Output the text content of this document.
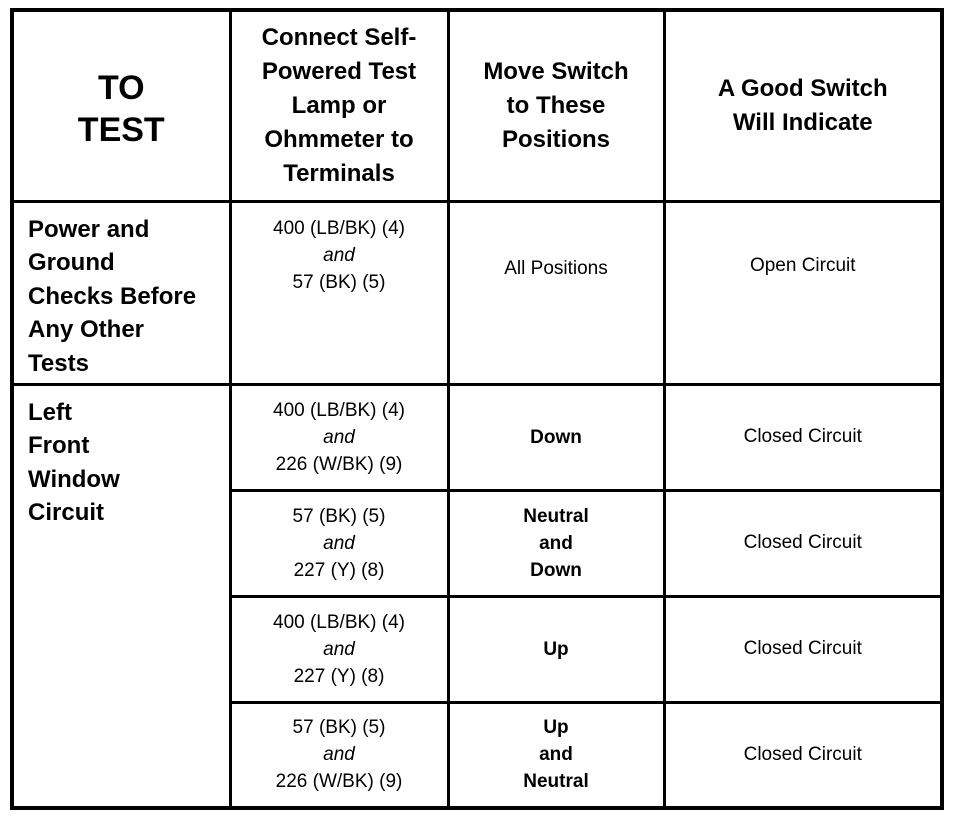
TO
TEST	Connect Self-
Powered Test
Lamp or
Ohmmeter to
Terminals	Move Switch
to These
Positions	A Good Switch
Will Indicate

Power and
Ground
Checks Before
Any Other
Tests	400 (LB/BK) (4)
and
57 (BK) (5)	All Positions	Open Circuit

Left
Front
Window
Circuit	400 (LB/BK) (4)
and
226 (W/BK) (9)	Down	Closed Circuit

	57 (BK) (5)
and
227 (Y) (8)	Neutral
and
Down	Closed Circuit

	400 (LB/BK) (4)
and
227 (Y) (8)	Up	Closed Circuit

	57 (BK) (5)
and
226 (W/BK) (9)	Up
and
Neutral	Closed Circuit
